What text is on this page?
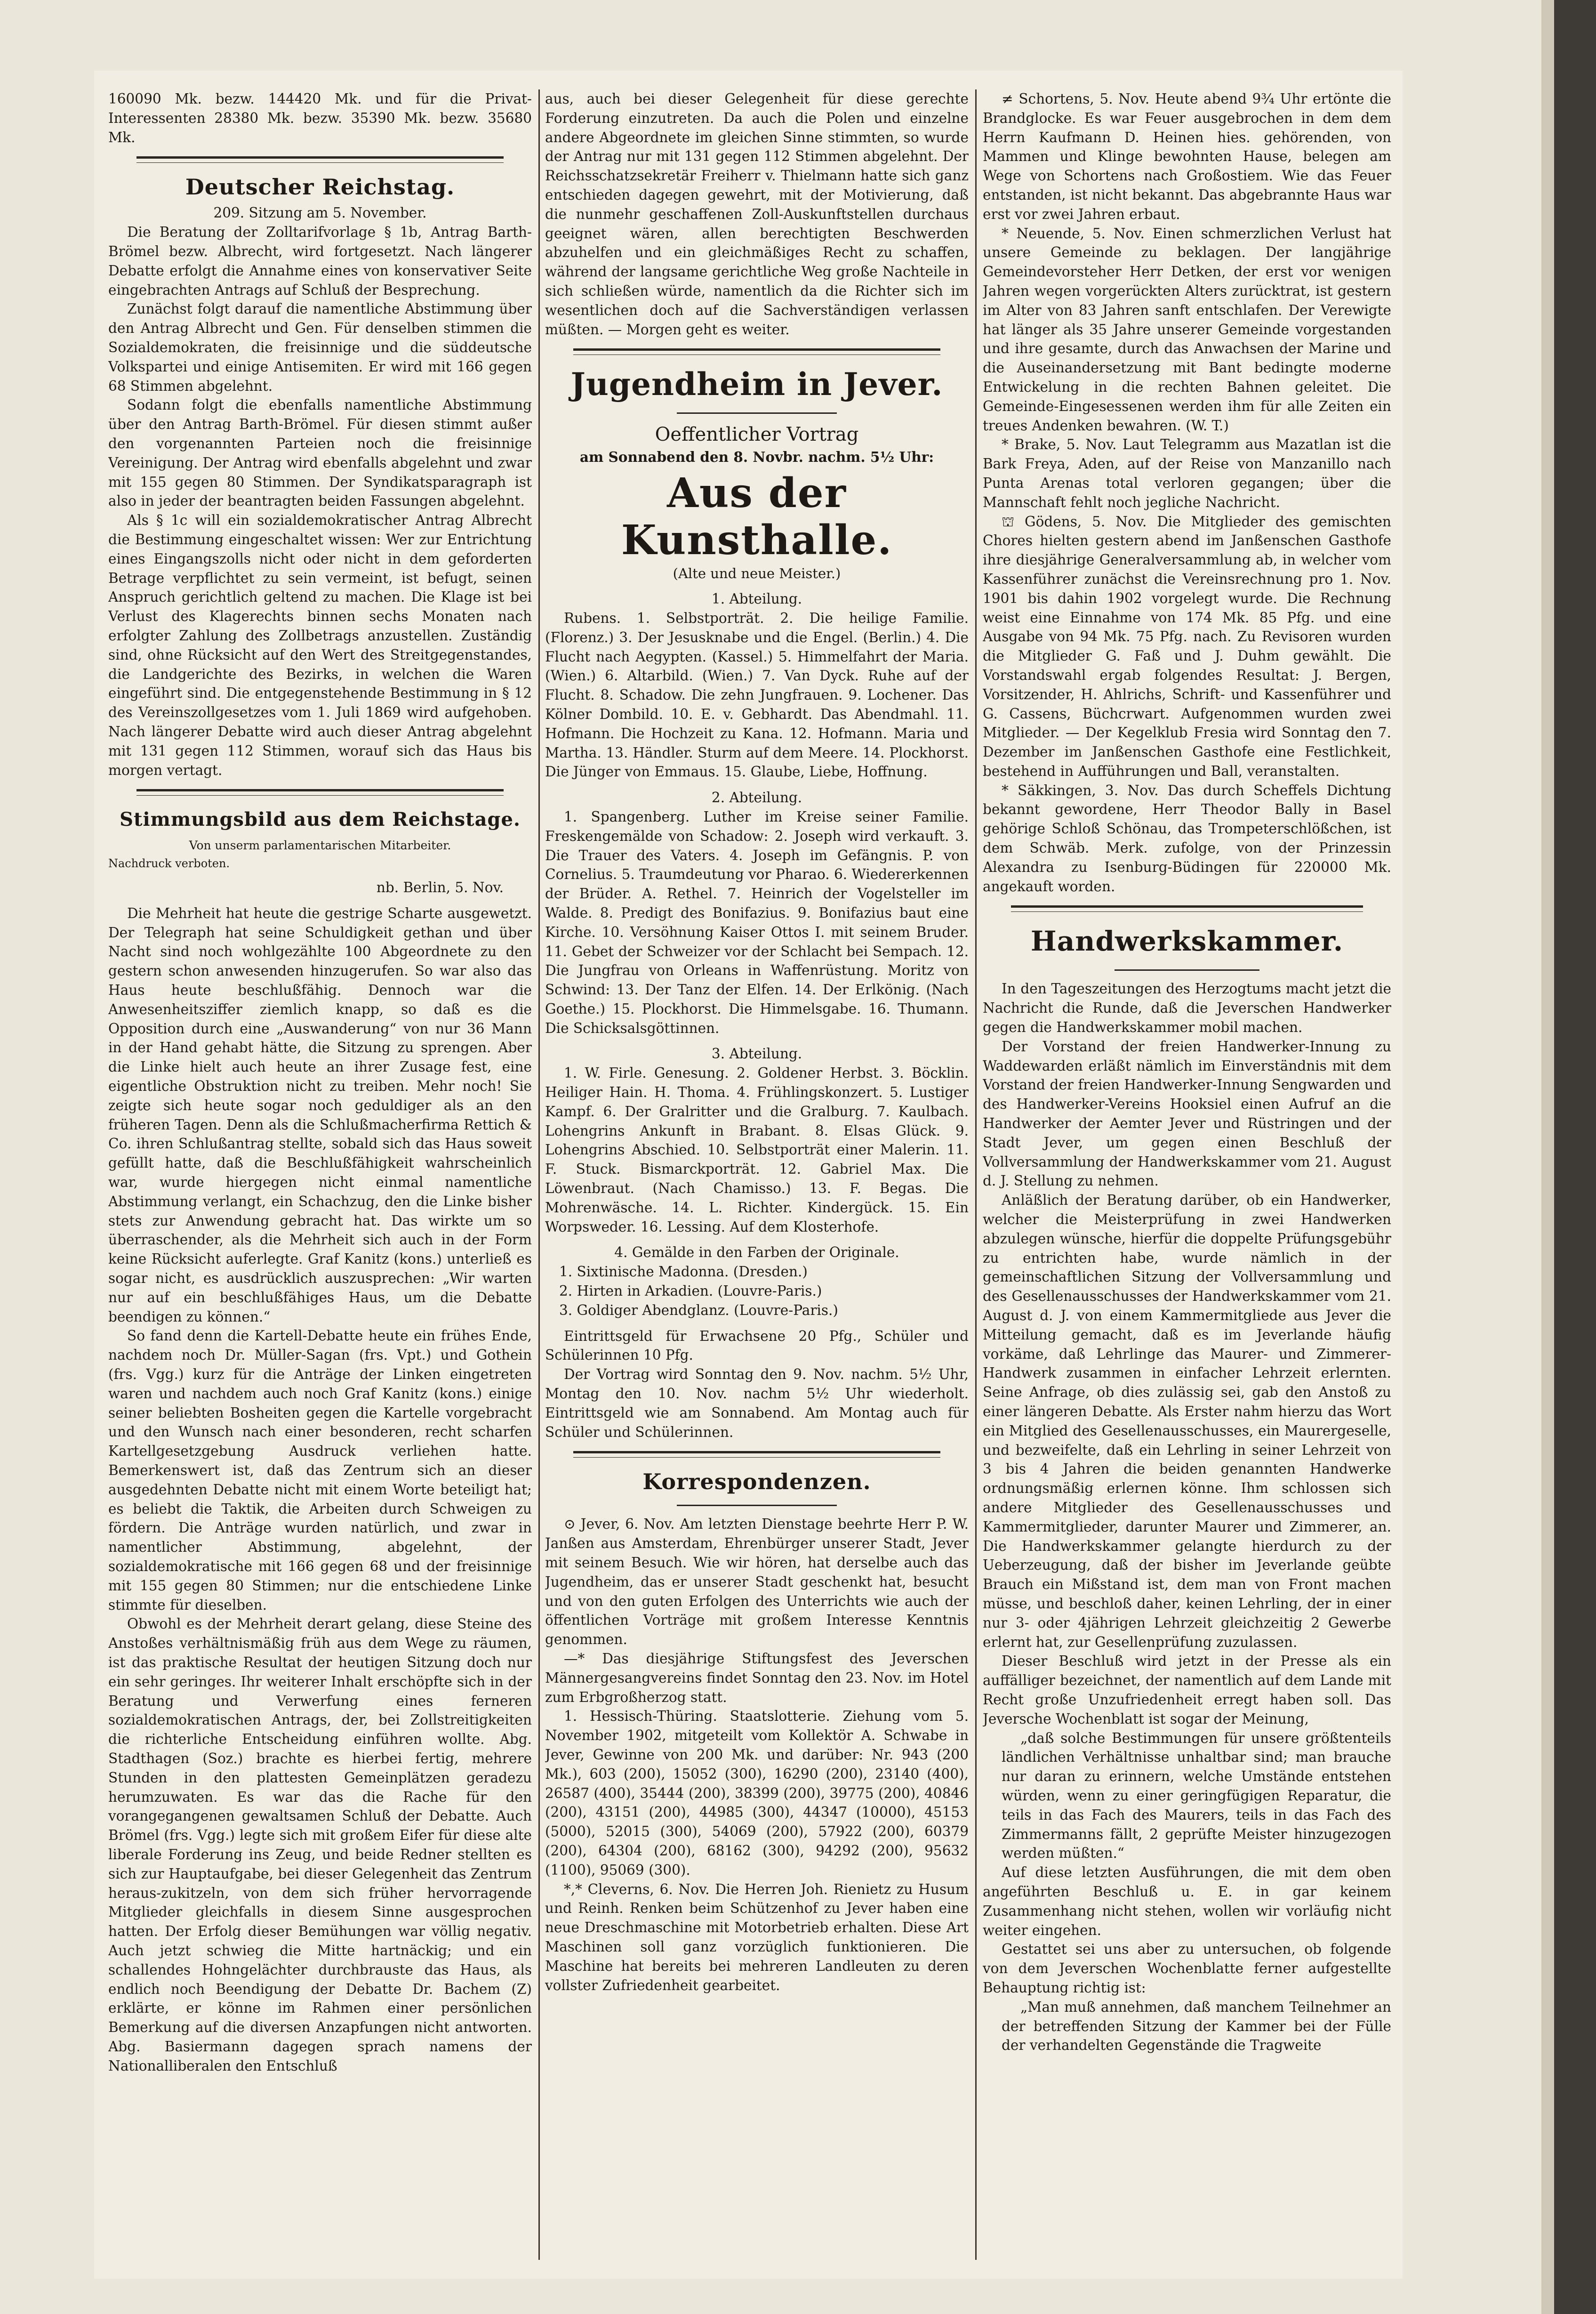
160090 Mk. bezw. 144420 Mk. und für die Privat-Interessenten 28380 Mk. bezw. 35390 Mk. bezw. 35680 Mk.

Deutscher Reichstag.
209. Sitzung am 5. November.

Die Beratung der Zolltarifvorlage § 1b, Antrag Barth-Brömel bezw. Albrecht, wird fortgesetzt. Nach längerer Debatte erfolgt die Annahme eines von konservativer Seite eingebrachten Antrags auf Schluß der Besprechung.

Zunächst folgt darauf die namentliche Abstimmung über den Antrag Albrecht und Gen. Für denselben stimmen die Sozialdemokraten, die freisinnige und die süddeutsche Volkspartei und einige Antisemiten. Er wird mit 166 gegen 68 Stimmen abgelehnt.

Sodann folgt die ebenfalls namentliche Abstimmung über den Antrag Barth-Brömel. Für diesen stimmt außer den vorgenannten Parteien noch die freisinnige Vereinigung. Der Antrag wird ebenfalls abgelehnt und zwar mit 155 gegen 80 Stimmen. Der Syndikatsparagraph ist also in jeder der beantragten beiden Fassungen abgelehnt.

Als § 1c will ein sozialdemokratischer Antrag Albrecht die Bestimmung eingeschaltet wissen: Wer zur Entrichtung eines Eingangszolls nicht oder nicht in dem geforderten Betrage verpflichtet zu sein vermeint, ist befugt, seinen Anspruch gerichtlich geltend zu machen. Die Klage ist bei Verlust des Klagerechts binnen sechs Monaten nach erfolgter Zahlung des Zollbetrags anzustellen. Zuständig sind, ohne Rücksicht auf den Wert des Streitgegenstandes, die Landgerichte des Bezirks, in welchen die Waren eingeführt sind. Die entgegenstehende Bestimmung in § 12 des Vereinszollgesetzes vom 1. Juli 1869 wird aufgehoben. Nach längerer Debatte wird auch dieser Antrag abgelehnt mit 131 gegen 112 Stimmen, worauf sich das Haus bis morgen vertagt.

Stimmungsbild aus dem Reichstage.
Von unserm parlamentarischen Mitarbeiter.

Nachdruck verboten.

nb. Berlin, 5. Nov.

Die Mehrheit hat heute die gestrige Scharte ausgewetzt. Der Telegraph hat seine Schuldigkeit gethan und über Nacht sind noch wohlgezählte 100 Abgeordnete zu den gestern schon anwesenden hinzugerufen. So war also das Haus heute beschlußfähig. Dennoch war die Anwesenheitsziffer ziemlich knapp, so daß es die Opposition durch eine „Auswanderung“ von nur 36 Mann in der Hand gehabt hätte, die Sitzung zu sprengen. Aber die Linke hielt auch heute an ihrer Zusage fest, eine eigentliche Obstruktion nicht zu treiben. Mehr noch! Sie zeigte sich heute sogar noch geduldiger als an den früheren Tagen. Denn als die Schlußmacherfirma Rettich & Co. ihren Schlußantrag stellte, sobald sich das Haus soweit gefüllt hatte, daß die Beschlußfähigkeit wahrscheinlich war, wurde hiergegen nicht einmal namentliche Abstimmung verlangt, ein Schachzug, den die Linke bisher stets zur Anwendung gebracht hat. Das wirkte um so überraschender, als die Mehrheit sich auch in der Form keine Rücksicht auferlegte. Graf Kanitz (kons.) unterließ es sogar nicht, es ausdrücklich auszusprechen: „Wir warten nur auf ein beschlußfähiges Haus, um die Debatte beendigen zu können.“

So fand denn die Kartell-Debatte heute ein frühes Ende, nachdem noch Dr. Müller-Sagan (frs. Vpt.) und Gothein (frs. Vgg.) kurz für die Anträge der Linken eingetreten waren und nachdem auch noch Graf Kanitz (kons.) einige seiner beliebten Bosheiten gegen die Kartelle vorgebracht und den Wunsch nach einer besonderen, recht scharfen Kartellgesetzgebung Ausdruck verliehen hatte. Bemerkenswert ist, daß das Zentrum sich an dieser ausgedehnten Debatte nicht mit einem Worte beteiligt hat; es beliebt die Taktik, die Arbeiten durch Schweigen zu fördern. Die Anträge wurden natürlich, und zwar in namentlicher Abstimmung, abgelehnt, der sozialdemokratische mit 166 gegen 68 und der freisinnige mit 155 gegen 80 Stimmen; nur die entschiedene Linke stimmte für dieselben.

Obwohl es der Mehrheit derart gelang, diese Steine des Anstoßes verhältnismäßig früh aus dem Wege zu räumen, ist das praktische Resultat der heutigen Sitzung doch nur ein sehr geringes. Ihr weiterer Inhalt erschöpfte sich in der Beratung und Verwerfung eines ferneren sozialdemokratischen Antrags, der, bei Zollstreitigkeiten die richterliche Entscheidung einführen wollte. Abg. Stadthagen (Soz.) brachte es hierbei fertig, mehrere Stunden in den plattesten Gemeinplätzen geradezu herumzuwaten. Es war das die Rache für den vorangegangenen gewaltsamen Schluß der Debatte. Auch Brömel (frs. Vgg.) legte sich mit großem Eifer für diese alte liberale Forderung ins Zeug, und beide Redner stellten es sich zur Hauptaufgabe, bei dieser Gelegenheit das Zentrum heraus-zukitzeln, von dem sich früher hervorragende Mitglieder gleichfalls in diesem Sinne ausgesprochen hatten. Der Erfolg dieser Bemühungen war völlig negativ. Auch jetzt schwieg die Mitte hartnäckig; und ein schallendes Hohngelächter durchbrauste das Haus, als endlich noch Beendigung der Debatte Dr. Bachem (Z) erklärte, er könne im Rahmen einer persönlichen Bemerkung auf die diversen Anzapfungen nicht antworten. Abg. Basiermann dagegen sprach namens der Nationalliberalen den Entschluß

aus, auch bei dieser Gelegenheit für diese gerechte Forderung einzutreten. Da auch die Polen und einzelne andere Abgeordnete im gleichen Sinne stimmten, so wurde der Antrag nur mit 131 gegen 112 Stimmen abgelehnt. Der Reichsschatzsekretär Freiherr v. Thielmann hatte sich ganz entschieden dagegen gewehrt, mit der Motivierung, daß die nunmehr geschaffenen Zoll-Auskunftstellen durchaus geeignet wären, allen berechtigten Beschwerden abzuhelfen und ein gleichmäßiges Recht zu schaffen, während der langsame gerichtliche Weg große Nachteile in sich schließen würde, namentlich da die Richter sich im wesentlichen doch auf die Sachverständigen verlassen müßten. — Morgen geht es weiter.

Jugendheim in Jever.
Oeffentlicher Vortrag
am Sonnabend den 8. Novbr. nachm. 5½ Uhr:
Aus der Kunsthalle.
(Alte und neue Meister.)
1. Abteilung.

Rubens. 1. Selbstporträt. 2. Die heilige Familie. (Florenz.) 3. Der Jesusknabe und die Engel. (Berlin.) 4. Die Flucht nach Aegypten. (Kassel.) 5. Himmelfahrt der Maria. (Wien.) 6. Altarbild. (Wien.) 7. Van Dyck. Ruhe auf der Flucht. 8. Schadow. Die zehn Jungfrauen. 9. Lochener. Das Kölner Dombild. 10. E. v. Gebhardt. Das Abendmahl. 11. Hofmann. Die Hochzeit zu Kana. 12. Hofmann. Maria und Martha. 13. Händler. Sturm auf dem Meere. 14. Plockhorst. Die Jünger von Emmaus. 15. Glaube, Liebe, Hoffnung.

2. Abteilung.

1. Spangenberg. Luther im Kreise seiner Familie. Freskengemälde von Schadow: 2. Joseph wird verkauft. 3. Die Trauer des Vaters. 4. Joseph im Gefängnis. P. von Cornelius. 5. Traumdeutung vor Pharao. 6. Wiedererkennen der Brüder. A. Rethel. 7. Heinrich der Vogelsteller im Walde. 8. Predigt des Bonifazius. 9. Bonifazius baut eine Kirche. 10. Versöhnung Kaiser Ottos I. mit seinem Bruder. 11. Gebet der Schweizer vor der Schlacht bei Sempach. 12. Die Jungfrau von Orleans in Waffenrüstung. Moritz von Schwind: 13. Der Tanz der Elfen. 14. Der Erlkönig. (Nach Goethe.) 15. Plockhorst. Die Himmelsgabe. 16. Thumann. Die Schicksalsgöttinnen.

3. Abteilung.

1. W. Firle. Genesung. 2. Goldener Herbst. 3. Böcklin. Heiliger Hain. H. Thoma. 4. Frühlingskonzert. 5. Lustiger Kampf. 6. Der Gralritter und die Gralburg. 7. Kaulbach. Lohengrins Ankunft in Brabant. 8. Elsas Glück. 9. Lohengrins Abschied. 10. Selbstporträt einer Malerin. 11. F. Stuck. Bismarckporträt. 12. Gabriel Max. Die Löwenbraut. (Nach Chamisso.) 13. F. Begas. Die Mohrenwäsche. 14. L. Richter. Kindergück. 15. Ein Worpsweder. 16. Lessing. Auf dem Klosterhofe.

4. Gemälde in den Farben der Originale.

1. Sixtinische Madonna. (Dresden.)

2. Hirten in Arkadien. (Louvre-Paris.)

3. Goldiger Abendglanz. (Louvre-Paris.)

Eintrittsgeld für Erwachsene 20 Pfg., Schüler und Schülerinnen 10 Pfg.

Der Vortrag wird Sonntag den 9. Nov. nachm. 5½ Uhr, Montag den 10. Nov. nachm 5½ Uhr wiederholt. Eintrittsgeld wie am Sonnabend. Am Montag auch für Schüler und Schülerinnen.

Korrespondenzen.

⊙ Jever, 6. Nov. Am letzten Dienstage beehrte Herr P. W. Janßen aus Amsterdam, Ehrenbürger unserer Stadt, Jever mit seinem Besuch. Wie wir hören, hat derselbe auch das Jugendheim, das er unserer Stadt geschenkt hat, besucht und von den guten Erfolgen des Unterrichts wie auch der öffentlichen Vorträge mit großem Interesse Kenntnis genommen.

—* Das diesjährige Stiftungsfest des Jeverschen Männergesangvereins findet Sonntag den 23. Nov. im Hotel zum Erbgroßherzog statt.

1. Hessisch-Thüring. Staatslotterie. Ziehung vom 5. November 1902, mitgeteilt vom Kollektör A. Schwabe in Jever, Gewinne von 200 Mk. und darüber: Nr. 943 (200 Mk.), 603 (200), 15052 (300), 16290 (200), 23140 (400), 26587 (400), 35444 (200), 38399 (200), 39775 (200), 40846 (200), 43151 (200), 44985 (300), 44347 (10000), 45153 (5000), 52015 (300), 54069 (200), 57922 (200), 60379 (200), 64304 (200), 68162 (300), 94292 (200), 95632 (1100), 95069 (300).

*,* Cleverns, 6. Nov. Die Herren Joh. Rienietz zu Husum und Reinh. Renken beim Schützenhof zu Jever haben eine neue Dreschmaschine mit Motorbetrieb erhalten. Diese Art Maschinen soll ganz vorzüglich funktionieren. Die Maschine hat bereits bei mehreren Landleuten zu deren vollster Zufriedenheit gearbeitet.

≠ Schortens, 5. Nov. Heute abend 9¾ Uhr ertönte die Brandglocke. Es war Feuer ausgebrochen in dem dem Herrn Kaufmann D. Heinen hies. gehörenden, von Mammen und Klinge bewohnten Hause, belegen am Wege von Schortens nach Großostiem. Wie das Feuer entstanden, ist nicht bekannt. Das abgebrannte Haus war erst vor zwei Jahren erbaut.

* Neuende, 5. Nov. Einen schmerzlichen Verlust hat unsere Gemeinde zu beklagen. Der langjährige Gemeindevorsteher Herr Detken, der erst vor wenigen Jahren wegen vorgerückten Alters zurücktrat, ist gestern im Alter von 83 Jahren sanft entschlafen. Der Verewigte hat länger als 35 Jahre unserer Gemeinde vorgestanden und ihre gesamte, durch das Anwachsen der Marine und die Auseinandersetzung mit Bant bedingte moderne Entwickelung in die rechten Bahnen geleitet. Die Gemeinde-Eingesessenen werden ihm für alle Zeiten ein treues Andenken bewahren. (W. T.)

* Brake, 5. Nov. Laut Telegramm aus Mazatlan ist die Bark Freya, Aden, auf der Reise von Manzanillo nach Punta Arenas total verloren gegangen; über die Mannschaft fehlt noch jegliche Nachricht.

⛫ Gödens, 5. Nov. Die Mitglieder des gemischten Chores hielten gestern abend im Janßenschen Gasthofe ihre diesjährige Generalversammlung ab, in welcher vom Kassenführer zunächst die Vereinsrechnung pro 1. Nov. 1901 bis dahin 1902 vorgelegt wurde. Die Rechnung weist eine Einnahme von 174 Mk. 85 Pfg. und eine Ausgabe von 94 Mk. 75 Pfg. nach. Zu Revisoren wurden die Mitglieder G. Faß und J. Duhm gewählt. Die Vorstandswahl ergab folgendes Resultat: J. Bergen, Vorsitzender, H. Ahlrichs, Schrift- und Kassenführer und G. Cassens, Büchcrwart. Aufgenommen wurden zwei Mitglieder. — Der Kegelklub Fresia wird Sonntag den 7. Dezember im Janßenschen Gasthofe eine Festlichkeit, bestehend in Aufführungen und Ball, veranstalten.

* Säkkingen, 3. Nov. Das durch Scheffels Dichtung bekannt gewordene, Herr Theodor Bally in Basel gehörige Schloß Schönau, das Trompeterschlößchen, ist dem Schwäb. Merk. zufolge, von der Prinzessin Alexandra zu Isenburg-Büdingen für 220000 Mk. angekauft worden.

Handwerkskammer.

In den Tageszeitungen des Herzogtums macht jetzt die Nachricht die Runde, daß die Jeverschen Handwerker gegen die Handwerkskammer mobil machen.

Der Vorstand der freien Handwerker-Innung zu Waddewarden erläßt nämlich im Einverständnis mit dem Vorstand der freien Handwerker-Innung Sengwarden und des Handwerker-Vereins Hooksiel einen Aufruf an die Handwerker der Aemter Jever und Rüstringen und der Stadt Jever, um gegen einen Beschluß der Vollversammlung der Handwerkskammer vom 21. August d. J. Stellung zu nehmen.

Anläßlich der Beratung darüber, ob ein Handwerker, welcher die Meisterprüfung in zwei Handwerken abzulegen wünsche, hierfür die doppelte Prüfungsgebühr zu entrichten habe, wurde nämlich in der gemeinschaftlichen Sitzung der Vollversammlung und des Gesellenausschusses der Handwerkskammer vom 21. August d. J. von einem Kammermitgliede aus Jever die Mitteilung gemacht, daß es im Jeverlande häufig vorkäme, daß Lehrlinge das Maurer- und Zimmerer-Handwerk zusammen in einfacher Lehrzeit erlernten. Seine Anfrage, ob dies zulässig sei, gab den Anstoß zu einer längeren Debatte. Als Erster nahm hierzu das Wort ein Mitglied des Gesellenausschusses, ein Maurergeselle, und bezweifelte, daß ein Lehrling in seiner Lehrzeit von 3 bis 4 Jahren die beiden genannten Handwerke ordnungsmäßig erlernen könne. Ihm schlossen sich andere Mitglieder des Gesellenausschusses und Kammermitglieder, darunter Maurer und Zimmerer, an. Die Handwerkskammer gelangte hierdurch zu der Ueberzeugung, daß der bisher im Jeverlande geübte Brauch ein Mißstand ist, dem man von Front machen müsse, und beschloß daher, keinen Lehrling, der in einer nur 3- oder 4jährigen Lehrzeit gleichzeitig 2 Gewerbe erlernt hat, zur Gesellenprüfung zuzulassen.

Dieser Beschluß wird jetzt in der Presse als ein auffälliger bezeichnet, der namentlich auf dem Lande mit Recht große Unzufriedenheit erregt haben soll. Das Jeversche Wochenblatt ist sogar der Meinung,

„daß solche Bestimmungen für unsere größtenteils ländlichen Verhältnisse unhaltbar sind; man brauche nur daran zu erinnern, welche Umstände entstehen würden, wenn zu einer geringfügigen Reparatur, die teils in das Fach des Maurers, teils in das Fach des Zimmermanns fällt, 2 geprüfte Meister hinzugezogen werden müßten.“

Auf diese letzten Ausführungen, die mit dem oben angeführten Beschluß u. E. in gar keinem Zusammenhang nicht stehen, wollen wir vorläufig nicht weiter eingehen.

Gestattet sei uns aber zu untersuchen, ob folgende von dem Jeverschen Wochenblatte ferner aufgestellte Behauptung richtig ist:

„Man muß annehmen, daß manchem Teilnehmer an der betreffenden Sitzung der Kammer bei der Fülle der verhandelten Gegenstände die Tragweite
